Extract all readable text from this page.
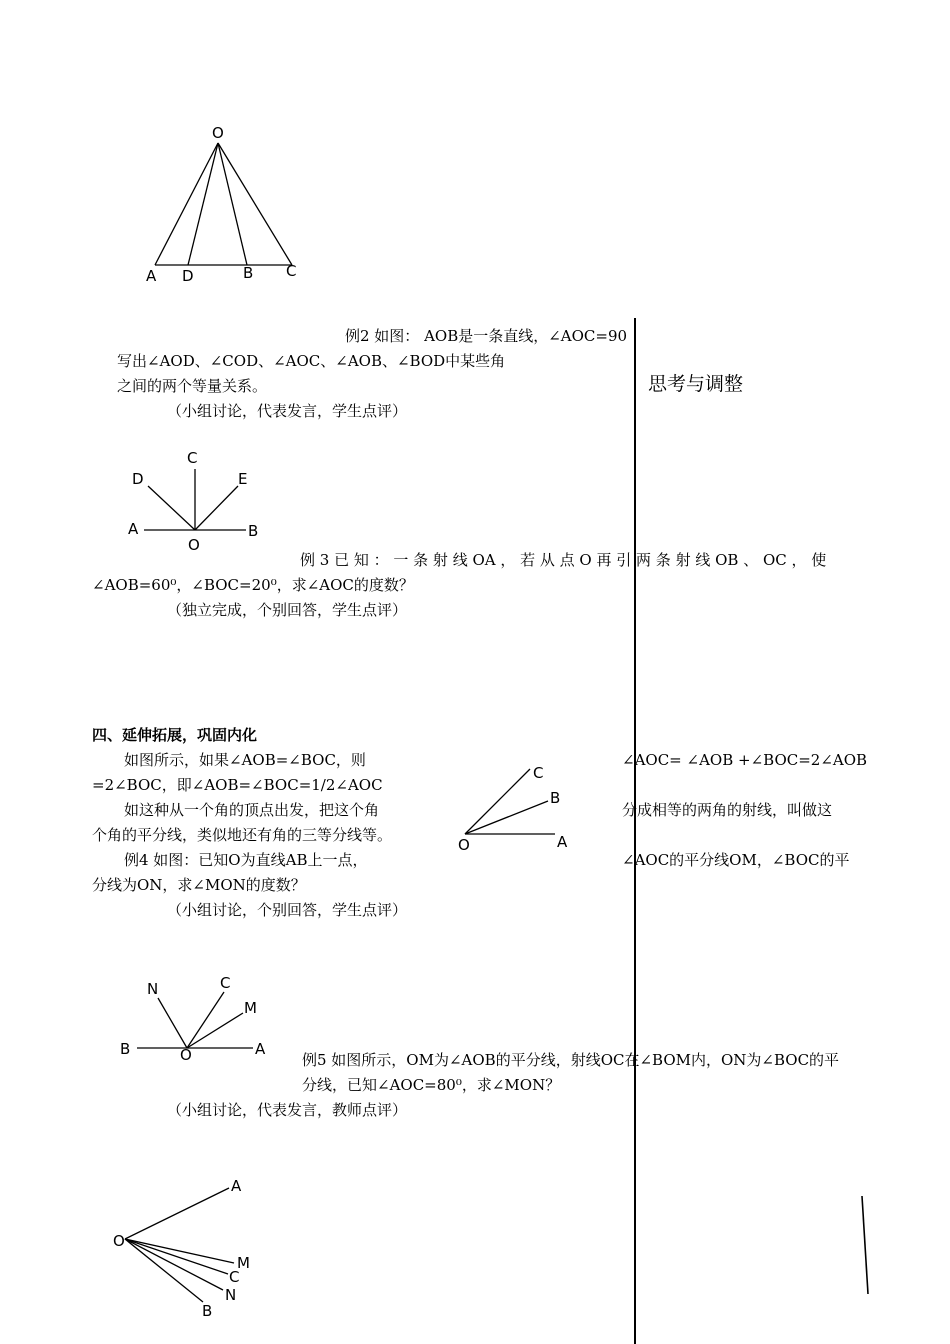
O
A D	B C
C
D	E
A
O
B
C
B
O	A
N	C
M
B	O	A
A
O
M
C
N
B
思考与调整
例2 如图： AOB是一条直线，∠AOC=90
写出∠AOD、∠COD、∠AOC、∠AOB、∠BOD中某些角
之间的两个等量关系。
（小组讨论，代表发言，学生点评）
例 3 已 知 ： 一 条 射 线 OA ， 若 从 点 O 再 引 两 条 射 线 OB 、 OC ， 使
∠AOB=60⁰，∠BOC=20⁰，求∠AOC的度数？
（独立完成，个别回答，学生点评）
四、延伸拓展，巩固内化
如图所示，如果∠AOB=∠BOC，则	∠AOC= ∠AOB +∠BOC=2∠AOB
=2∠BOC，即∠AOB=∠BOC=1/2∠AOC
如这种从一个角的顶点出发，把这个角	分成相等的两角的射线，叫做这
个角的平分线，类似地还有角的三等分线等。
例4 如图：已知O为直线AB上一点，	∠AOC的平分线OM，∠BOC的平
分线为ON，求∠MON的度数？
（小组讨论，个别回答，学生点评）
例5 如图所示，OM为∠AOB的平分线，射线OC在∠BOM内，ON为∠BOC的平
分线，已知∠AOC=80⁰，求∠MON？
（小组讨论，代表发言，教师点评）
